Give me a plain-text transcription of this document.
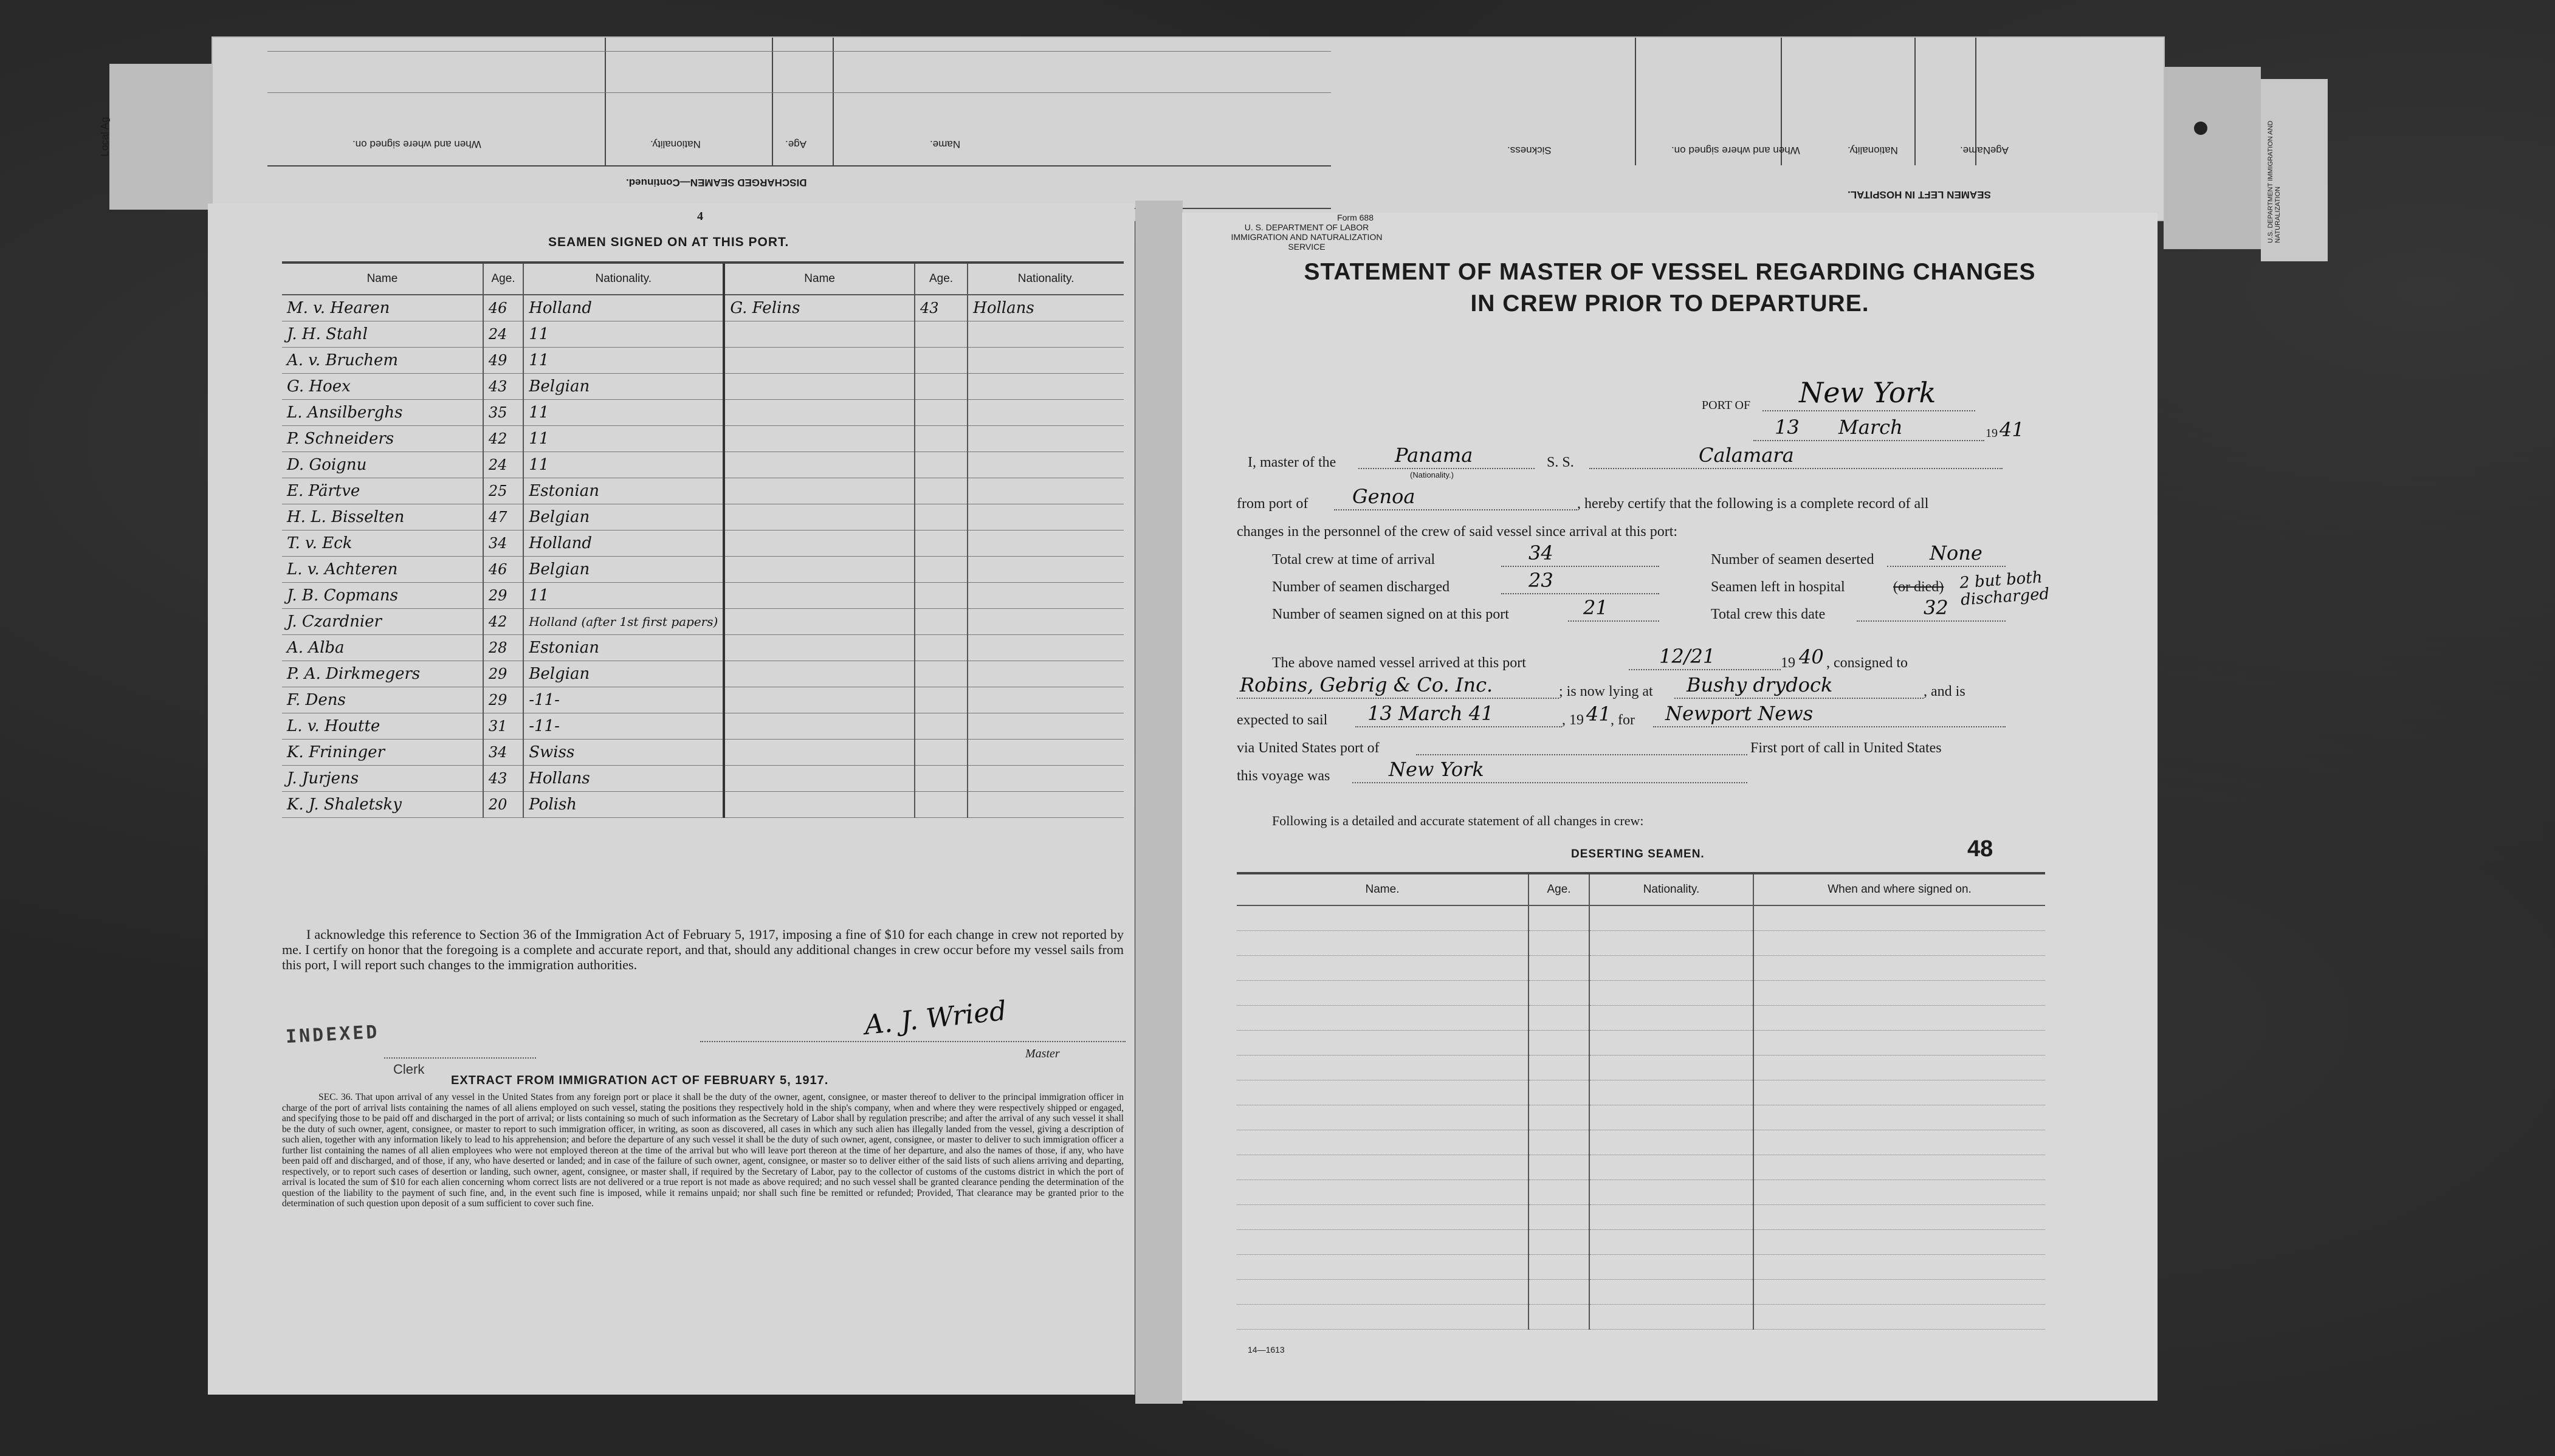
Local Ag	U.S. DEPARTMENT IMMIGRATION AND NATURALIZATION
Name.
Age.
Nationality.
When and where signed on.
DISCHARGED SEAMEN—Continued.
Name.
Age.
Nationality.
When and where signed on.
Sickness.
SEAMEN LEFT IN HOSPITAL.
4
SEAMEN SIGNED ON AT THIS PORT.
Name	Age.	Nationality.	Name	Age.	Nationality.
M. v. Hearen	46	Holland	G. Felins	43	Hollans
J. H. Stahl	24	11			
A. v. Bruchem	49	11			
G. Hoex	43	Belgian			
L. Ansilberghs	35	11			
P. Schneiders	42	11			
D. Goignu	24	11			
E. Pärtve	25	Estonian			
H. L. Bisselten	47	Belgian			
T. v. Eck	34	Holland			
L. v. Achteren	46	Belgian			
J. B. Copmans	29	11			
J. Czardnier	42	Holland (after 1st first papers)			
A. Alba	28	Estonian			
P. A. Dirkmegers	29	Belgian			
F. Dens	29	-11-			
L. v. Houtte	31	-11-			
K. Frininger	34	Swiss			
J. Jurjens	43	Hollans			
K. J. Shaletsky	20	Polish			
I acknowledge this reference to Section 36 of the Immigration Act of February 5, 1917, imposing a fine of $10 for each change in crew not reported by me. I certify on honor that the foregoing is a complete and accurate report, and that, should any additional changes in crew occur before my vessel sails from this port, I will report such changes to the immigration authorities.
A. J. Wried
Master
INDEXED
Clerk
EXTRACT FROM IMMIGRATION ACT OF FEBRUARY 5, 1917.
SEC. 36. That upon arrival of any vessel in the United States from any foreign port or place it shall be the duty of the owner, agent, consignee, or master thereof to deliver to the principal immigration officer in charge of the port of arrival lists containing the names of all aliens employed on such vessel, stating the positions they respectively hold in the ship's company, when and where they were respectively shipped or engaged, and specifying those to be paid off and discharged in the port of arrival; or lists containing so much of such information as the Secretary of Labor shall by regulation prescribe; and after the arrival of any such vessel it shall be the duty of such owner, agent, consignee, or master to report to such immigration officer, in writing, as soon as discovered, all cases in which any such alien has illegally landed from the vessel, giving a description of such alien, together with any information likely to lead to his apprehension; and before the departure of any such vessel it shall be the duty of such owner, agent, consignee, or master to deliver to such immigration officer a further list containing the names of all alien employees who were not employed thereon at the time of the arrival but who will leave port thereon at the time of her departure, and also the names of those, if any, who have been paid off and discharged, and of those, if any, who have deserted or landed; and in case of the failure of such owner, agent, consignee, or master so to deliver either of the said lists of such aliens arriving and departing, respectively, or to report such cases of desertion or landing, such owner, agent, consignee, or master shall, if required by the Secretary of Labor, pay to the collector of customs of the customs district in which the port of arrival is located the sum of $10 for each alien concerning whom correct lists are not delivered or a true report is not made as above required; and no such vessel shall be granted clearance pending the determination of the question of the liability to the payment of such fine, and, in the event such fine is imposed, while it remains unpaid; nor shall such fine be remitted or refunded; Provided, That clearance may be granted prior to the determination of such question upon deposit of a sum sufficient to cover such fine.
Form 688
U. S. DEPARTMENT OF LABOR
IMMIGRATION AND NATURALIZATION SERVICE
STATEMENT OF MASTER OF VESSEL REGARDING CHANGES
IN CREW PRIOR TO DEPARTURE.
PORT OF New York
13 March	19 41
I, master of the	Panama
(Nationality.)
S. S.	Calamara
from port of Genoa	, hereby certify that the following is a complete record of all
changes in the personnel of the crew of said vessel since arrival at this port:
Total crew at time of arrival	34
Number of seamen discharged	23
Number of seamen signed on at this port	21
Number of seamen deserted	None
Seamen left in hospital	(or died) 2 but both discharged
Total crew this date	32
The above named vessel arrived at this port	12/21	19 40 , consigned to
Robins, Gebrig & Co. Inc.	; is now lying at Bushy drydock	, and is
expected to sail 13 March 41	, 19 41 , for Newport News
via United States port of	First port of call in United States
this voyage was	New York
Following is a detailed and accurate statement of all changes in crew:
DESERTING SEAMEN.	48
Name.	Age.	Nationality.	When and where signed on.

14—1613
